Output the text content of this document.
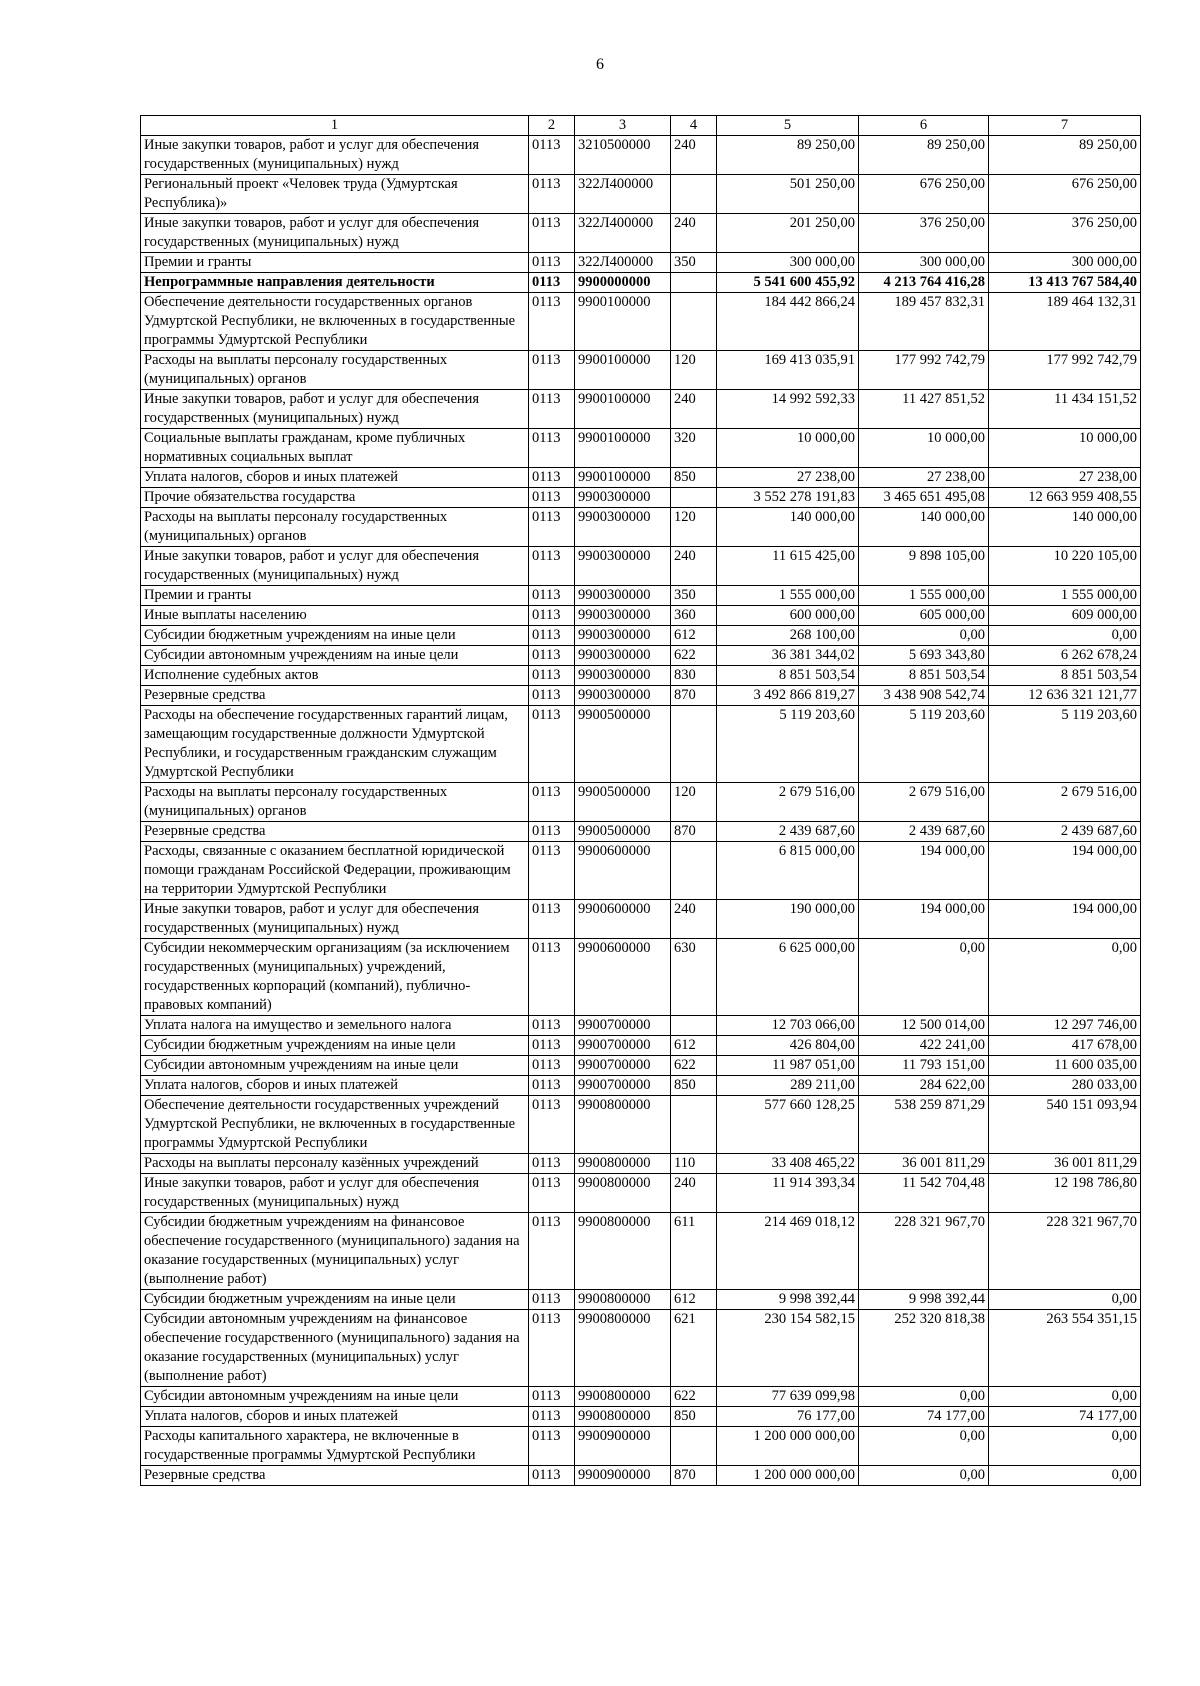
6
1	2	3	4	5	6	7
Иные закупки товаров, работ и услуг для обеспечения государственных (муниципальных) нужд	0113	3210500000	240	89 250,00	89 250,00	89 250,00
Региональный проект «Человек труда (Удмуртская Республика)»	0113	322Л400000		501 250,00	676 250,00	676 250,00
Иные закупки товаров, работ и услуг для обеспечения государственных (муниципальных) нужд	0113	322Л400000	240	201 250,00	376 250,00	376 250,00
Премии и гранты	0113	322Л400000	350	300 000,00	300 000,00	300 000,00
Непрограммные направления деятельности	0113	9900000000		5 541 600 455,92	4 213 764 416,28	13 413 767 584,40
Обеспечение деятельности государственных органов Удмуртской Республики, не включенных в государственные программы Удмуртской Республики	0113	9900100000		184 442 866,24	189 457 832,31	189 464 132,31
Расходы на выплаты персоналу государственных (муниципальных) органов	0113	9900100000	120	169 413 035,91	177 992 742,79	177 992 742,79
Иные закупки товаров, работ и услуг для обеспечения государственных (муниципальных) нужд	0113	9900100000	240	14 992 592,33	11 427 851,52	11 434 151,52
Социальные выплаты гражданам, кроме публичных нормативных социальных выплат	0113	9900100000	320	10 000,00	10 000,00	10 000,00
Уплата налогов, сборов и иных платежей	0113	9900100000	850	27 238,00	27 238,00	27 238,00
Прочие обязательства государства	0113	9900300000		3 552 278 191,83	3 465 651 495,08	12 663 959 408,55
Расходы на выплаты персоналу государственных (муниципальных) органов	0113	9900300000	120	140 000,00	140 000,00	140 000,00
Иные закупки товаров, работ и услуг для обеспечения государственных (муниципальных) нужд	0113	9900300000	240	11 615 425,00	9 898 105,00	10 220 105,00
Премии и гранты	0113	9900300000	350	1 555 000,00	1 555 000,00	1 555 000,00
Иные выплаты населению	0113	9900300000	360	600 000,00	605 000,00	609 000,00
Субсидии бюджетным учреждениям на иные цели	0113	9900300000	612	268 100,00	0,00	0,00
Субсидии автономным учреждениям на иные цели	0113	9900300000	622	36 381 344,02	5 693 343,80	6 262 678,24
Исполнение судебных актов	0113	9900300000	830	8 851 503,54	8 851 503,54	8 851 503,54
Резервные средства	0113	9900300000	870	3 492 866 819,27	3 438 908 542,74	12 636 321 121,77
Расходы на обеспечение государственных гарантий лицам, замещающим государственные должности Удмуртской Республики, и государственным гражданским служащим Удмуртской Республики	0113	9900500000		5 119 203,60	5 119 203,60	5 119 203,60
Расходы на выплаты персоналу государственных (муниципальных) органов	0113	9900500000	120	2 679 516,00	2 679 516,00	2 679 516,00
Резервные средства	0113	9900500000	870	2 439 687,60	2 439 687,60	2 439 687,60
Расходы, связанные с оказанием бесплатной юридической помощи гражданам Российской Федерации, проживающим на территории Удмуртской Республики	0113	9900600000		6 815 000,00	194 000,00	194 000,00
Иные закупки товаров, работ и услуг для обеспечения государственных (муниципальных) нужд	0113	9900600000	240	190 000,00	194 000,00	194 000,00
Субсидии некоммерческим организациям (за исключением государственных (муниципальных) учреждений, государственных корпораций (компаний), публично-правовых компаний)	0113	9900600000	630	6 625 000,00	0,00	0,00
Уплата налога на имущество и земельного налога	0113	9900700000		12 703 066,00	12 500 014,00	12 297 746,00
Субсидии бюджетным учреждениям на иные цели	0113	9900700000	612	426 804,00	422 241,00	417 678,00
Субсидии автономным учреждениям на иные цели	0113	9900700000	622	11 987 051,00	11 793 151,00	11 600 035,00
Уплата налогов, сборов и иных платежей	0113	9900700000	850	289 211,00	284 622,00	280 033,00
Обеспечение деятельности государственных учреждений Удмуртской Республики, не включенных в государственные программы Удмуртской Республики	0113	9900800000		577 660 128,25	538 259 871,29	540 151 093,94
Расходы на выплаты персоналу казённых учреждений	0113	9900800000	110	33 408 465,22	36 001 811,29	36 001 811,29
Иные закупки товаров, работ и услуг для обеспечения государственных (муниципальных) нужд	0113	9900800000	240	11 914 393,34	11 542 704,48	12 198 786,80
Субсидии бюджетным учреждениям на финансовое обеспечение государственного (муниципального) задания на оказание государственных (муниципальных) услуг (выполнение работ)	0113	9900800000	611	214 469 018,12	228 321 967,70	228 321 967,70
Субсидии бюджетным учреждениям на иные цели	0113	9900800000	612	9 998 392,44	9 998 392,44	0,00
Субсидии автономным учреждениям на финансовое обеспечение государственного (муниципального) задания на оказание государственных (муниципальных) услуг (выполнение работ)	0113	9900800000	621	230 154 582,15	252 320 818,38	263 554 351,15
Субсидии автономным учреждениям на иные цели	0113	9900800000	622	77 639 099,98	0,00	0,00
Уплата налогов, сборов и иных платежей	0113	9900800000	850	76 177,00	74 177,00	74 177,00
Расходы капитального характера, не включенные в государственные программы Удмуртской Республики	0113	9900900000		1 200 000 000,00	0,00	0,00
Резервные средства	0113	9900900000	870	1 200 000 000,00	0,00	0,00
